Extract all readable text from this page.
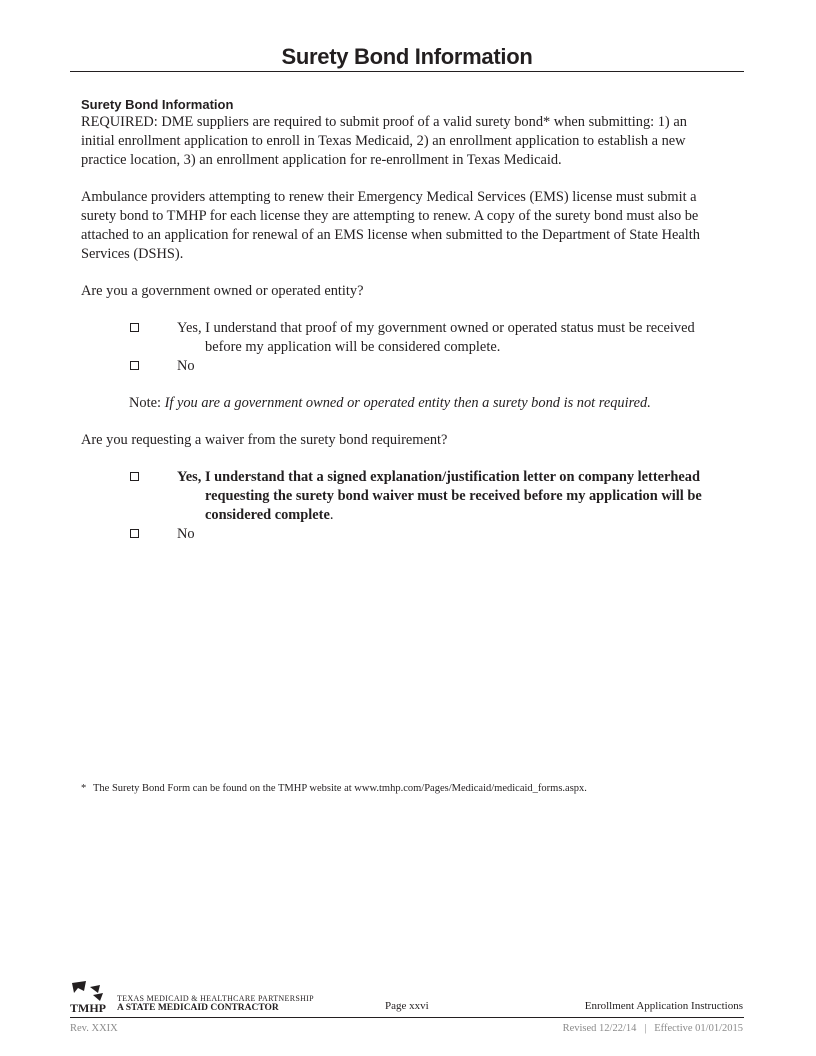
Surety Bond Information
Surety Bond Information

REQUIRED: DME suppliers are required to submit proof of a valid surety bond* when submitting: 1) an initial enrollment application to enroll in Texas Medicaid, 2) an enrollment application to establish a new practice location, 3) an enrollment application for re-enrollment in Texas Medicaid.

Ambulance providers attempting to renew their Emergency Medical Services (EMS) license must submit a surety bond to TMHP for each license they are attempting to renew. A copy of the surety bond must also be attached to an application for renewal of an EMS license when submitted to the Department of State Health Services (DSHS).

Are you a government owned or operated entity?

Yes, I understand that proof of my government owned or operated status must be received before my application will be considered complete.
No

Note: If you are a government owned or operated entity then a surety bond is not required.

Are you requesting a waiver from the surety bond requirement?

Yes, I understand that a signed explanation/justification letter on company letterhead requesting the surety bond waiver must be received before my application will be considered complete.
No
* The Surety Bond Form can be found on the TMHP website at www.tmhp.com/Pages/Medicaid/medicaid_forms.aspx.
TMHP
TEXAS MEDICAID & HEALTHCARE PARTNERSHIP
A STATE MEDICAID CONTRACTOR	Page xxvi	Enrollment Application Instructions
Rev. XXIX	Revised 12/22/14 | Effective 01/01/2015
